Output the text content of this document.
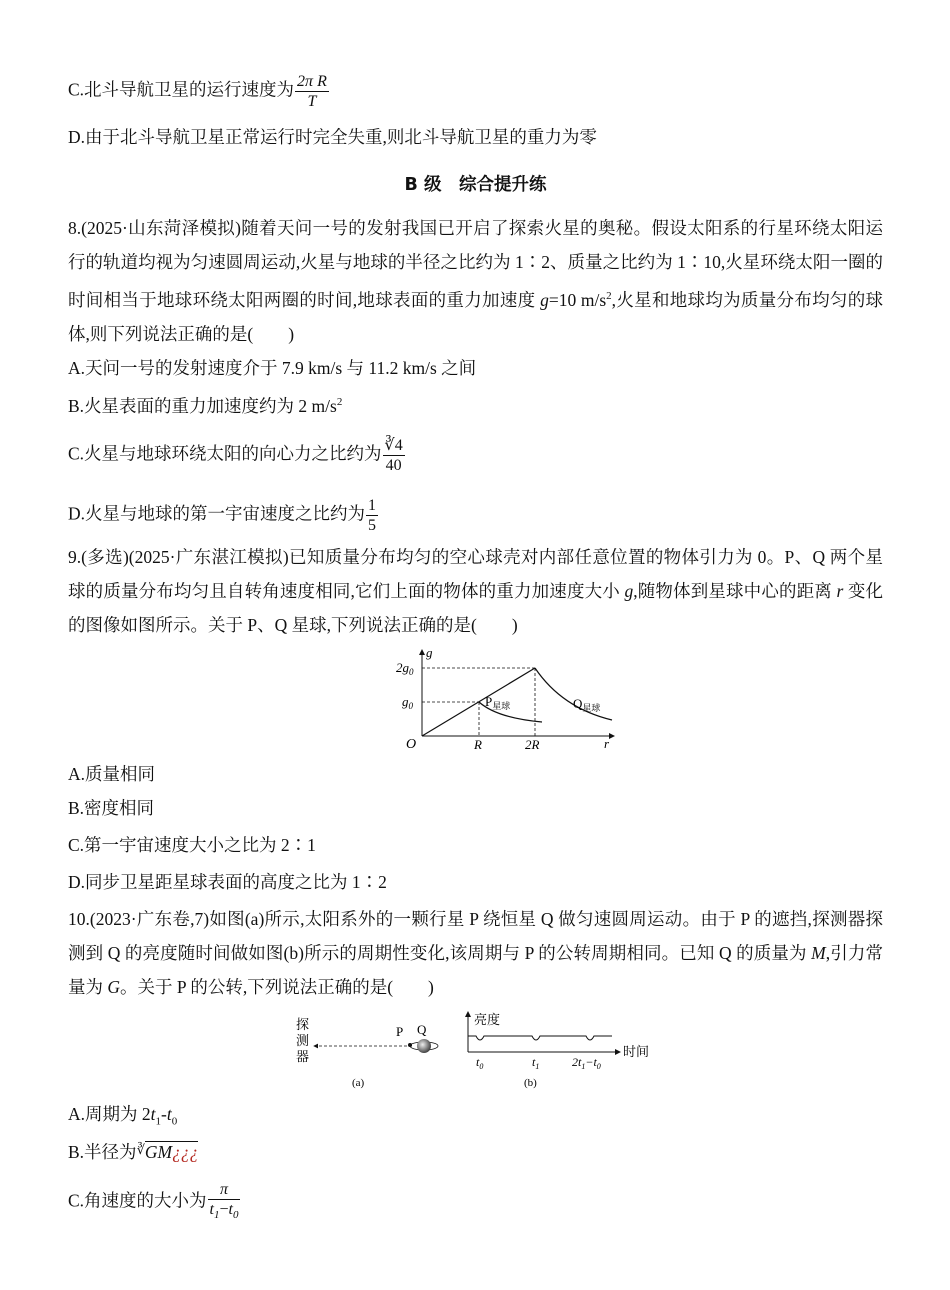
C.北斗导航卫星的运行速度为 $\frac{\text{2π R}}{T}$
D.由于北斗导航卫星正常运行时完全失重,则北斗导航卫星的重力为零
B 级　综合提升练
8.(2025·山东菏泽模拟)随着天问一号的发射我国已开启了探索火星的奥秘。假设太阳系的行星环绕太阳运行的轨道均视为匀速圆周运动,火星与地球的半径之比约为 1∶2、质量之比约为 1∶10,火星环绕太阳一圈的时间相当于地球环绕太阳两圈的时间,地球表面的重力加速度 g=10 $m/s^2$,火星和地球均为质量分布均匀的球体,则下列说法正确的是(　　)
A.天问一号的发射速度介于 7.9 km/s 与 11.2 km/s 之间
B.火星表面的重力加速度约为 2 $m/s^2$
C.火星与地球环绕太阳的向心力之比约为 $\frac{∛4}{40}$
D.火星与地球的第一宇宙速度之比约为 $\frac{1}{5}$
9.(多选)(2025·广东湛江模拟)已知质量分布均匀的空心球壳对内部任意位置的物体引力为 0。P、Q 两个星球的质量分布均匀且自转角速度相同,它们上面的物体的重力加速度大小 g,随物体到星球中心的距离 r 变化的图像如图所示。关于 P、Q 星球,下列说法正确的是(　　)
g
r
O
$2g_0$
$g_0$
R	2R
$P_{星球}$	$Q_{星球}$
A.质量相同
B.密度相同
C.第一宇宙速度大小之比为 2∶1
D.同步卫星距星球表面的高度之比为 1∶2
10.(2023·广东卷,7)如图(a)所示,太阳系外的一颗行星 P 绕恒星 Q 做匀速圆周运动。由于 P 的遮挡,探测器探测到 Q 的亮度随时间做如图(b)所示的周期性变化,该周期与 P 的公转周期相同。已知 Q 的质量为 M,引力常量为 G。关于 P 的公转,下列说法正确的是(　　)
探
测
器
P Q
(a)
亮度
时间
$t_0$	$t_1$	$2t_1-t_0$
(b)
A.周期为 $2t_1-t_0$
B.半径为∛GM¿¿¿
C.角速度的大小为 $\frac{\pi}{t_1-t_0}$
